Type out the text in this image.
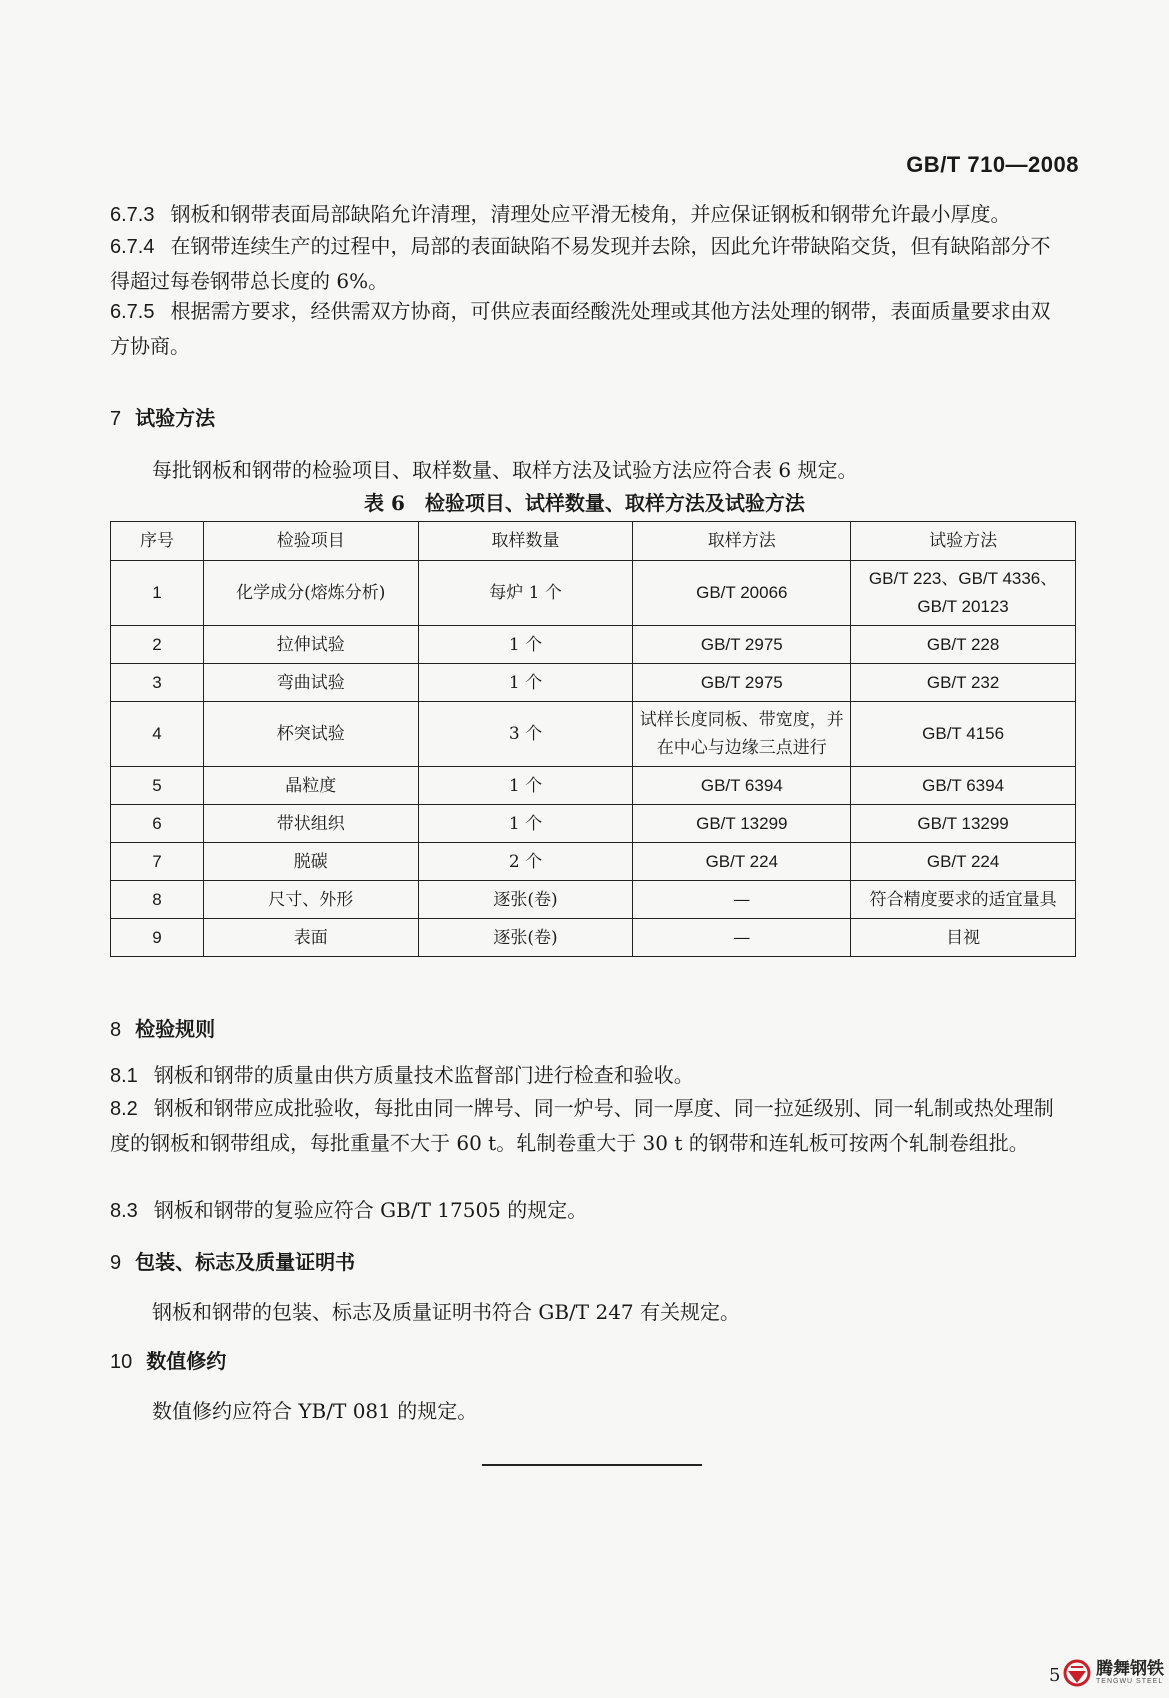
GB/T 710—2008

6.7.3 钢板和钢带表面局部缺陷允许清理，清理处应平滑无棱角，并应保证钢板和钢带允许最小厚度。

6.7.4 在钢带连续生产的过程中，局部的表面缺陷不易发现并去除，因此允许带缺陷交货，但有缺陷部分不得超过每卷钢带总长度的 6%。

6.7.5 根据需方要求，经供需双方协商，可供应表面经酸洗处理或其他方法处理的钢带，表面质量要求由双方协商。

7 试验方法
每批钢板和钢带的检验项目、取样数量、取样方法及试验方法应符合表 6 规定。
表 6　检验项目、试样数量、取样方法及试验方法
序号	检验项目	取样数量	取样方法	试验方法
1	化学成分(熔炼分析)	每炉 1 个	GB/T 20066	GB/T 223、GB/T 4336、GB/T 20123
2	拉伸试验	1 个	GB/T 2975	GB/T 228
3	弯曲试验	1 个	GB/T 2975	GB/T 232
4	杯突试验	3 个	试样长度同板、带宽度，并在中心与边缘三点进行	GB/T 4156
5	晶粒度	1 个	GB/T 6394	GB/T 6394
6	带状组织	1 个	GB/T 13299	GB/T 13299
7	脱碳	2 个	GB/T 224	GB/T 224
8	尺寸、外形	逐张(卷)	—	符合精度要求的适宜量具
9	表面	逐张(卷)	—	目视
8 检验规则

8.1 钢板和钢带的质量由供方质量技术监督部门进行检查和验收。

8.2 钢板和钢带应成批验收，每批由同一牌号、同一炉号、同一厚度、同一拉延级别、同一轧制或热处理制度的钢板和钢带组成，每批重量不大于 60 t。轧制卷重大于 30 t 的钢带和连轧板可按两个轧制卷组批。

8.3 钢板和钢带的复验应符合 GB/T 17505 的规定。

9 包装、标志及质量证明书
钢板和钢带的包装、标志及质量证明书符合 GB/T 247 有关规定。
10 数值修约
数值修约应符合 YB/T 081 的规定。
5 腾舞钢铁
TENGWU STEEL
